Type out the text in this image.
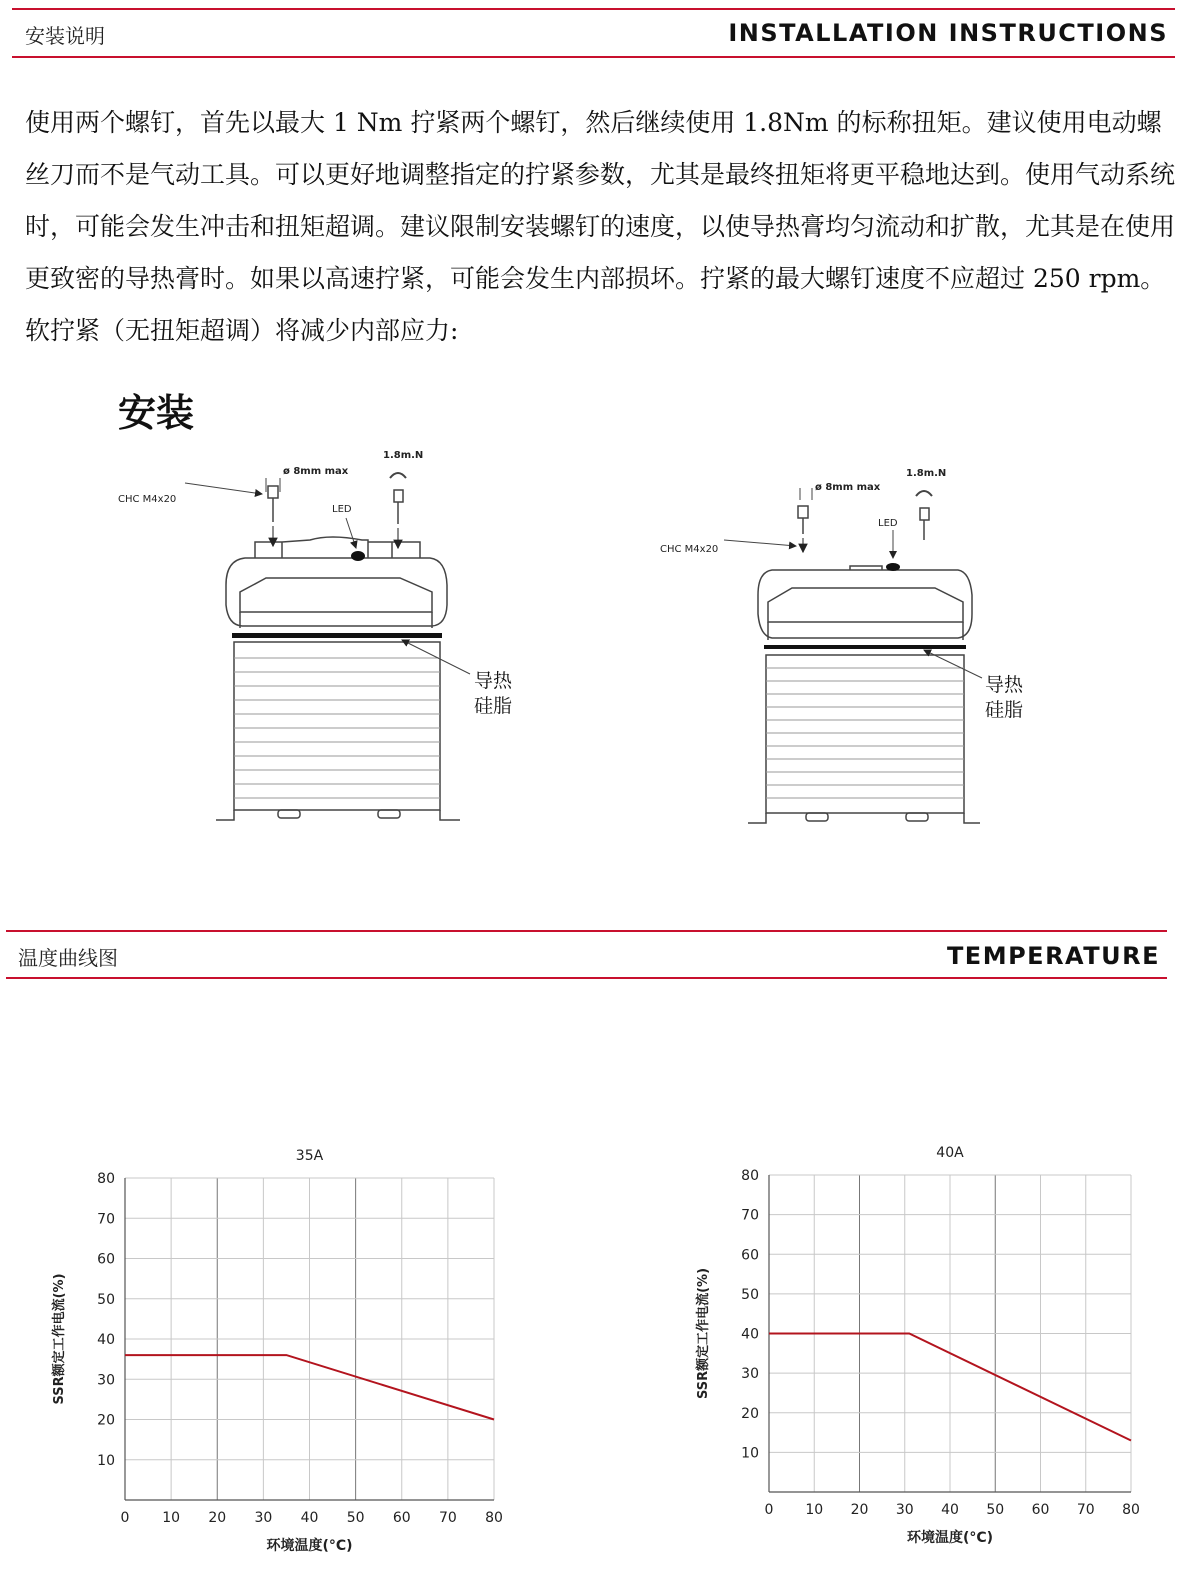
安装说明	INSTALLATION INSTRUCTIONS

使用两个螺钉，首先以最大 1 Nm 拧紧两个螺钉，然后继续使用 1.8Nm 的标称扭矩。建议使用电动螺丝刀而不是气动工具。可以更好地调整指定的拧紧参数，尤其是最终扭矩将更平稳地达到。使用气动系统时，可能会发生冲击和扭矩超调。建议限制安装螺钉的速度，以使导热膏均匀流动和扩散，尤其是在使用更致密的导热膏时。如果以高速拧紧，可能会发生内部损坏。拧紧的最大螺钉速度不应超过 250 rpm。软拧紧（无扭矩超调）将减少内部应力:

安装
1.8m.N
ø 8mm max
CHC M4x20
LED
导热
硅脂
1.8m.N
ø 8mm max
CHC M4x20
LED
导热
硅脂
温度曲线图	TEMPERATURE
0 10 20 30 40 50 60 70 80
10
20
30
40
50
60
70
80
35A
环境温度(°C)
SSR额定工作电流(%)
0 10 20 30 40 50 60 70 80
10
20
30
40
50
60
70
80
40A
环境温度(°C)
SSR额定工作电流(%)
